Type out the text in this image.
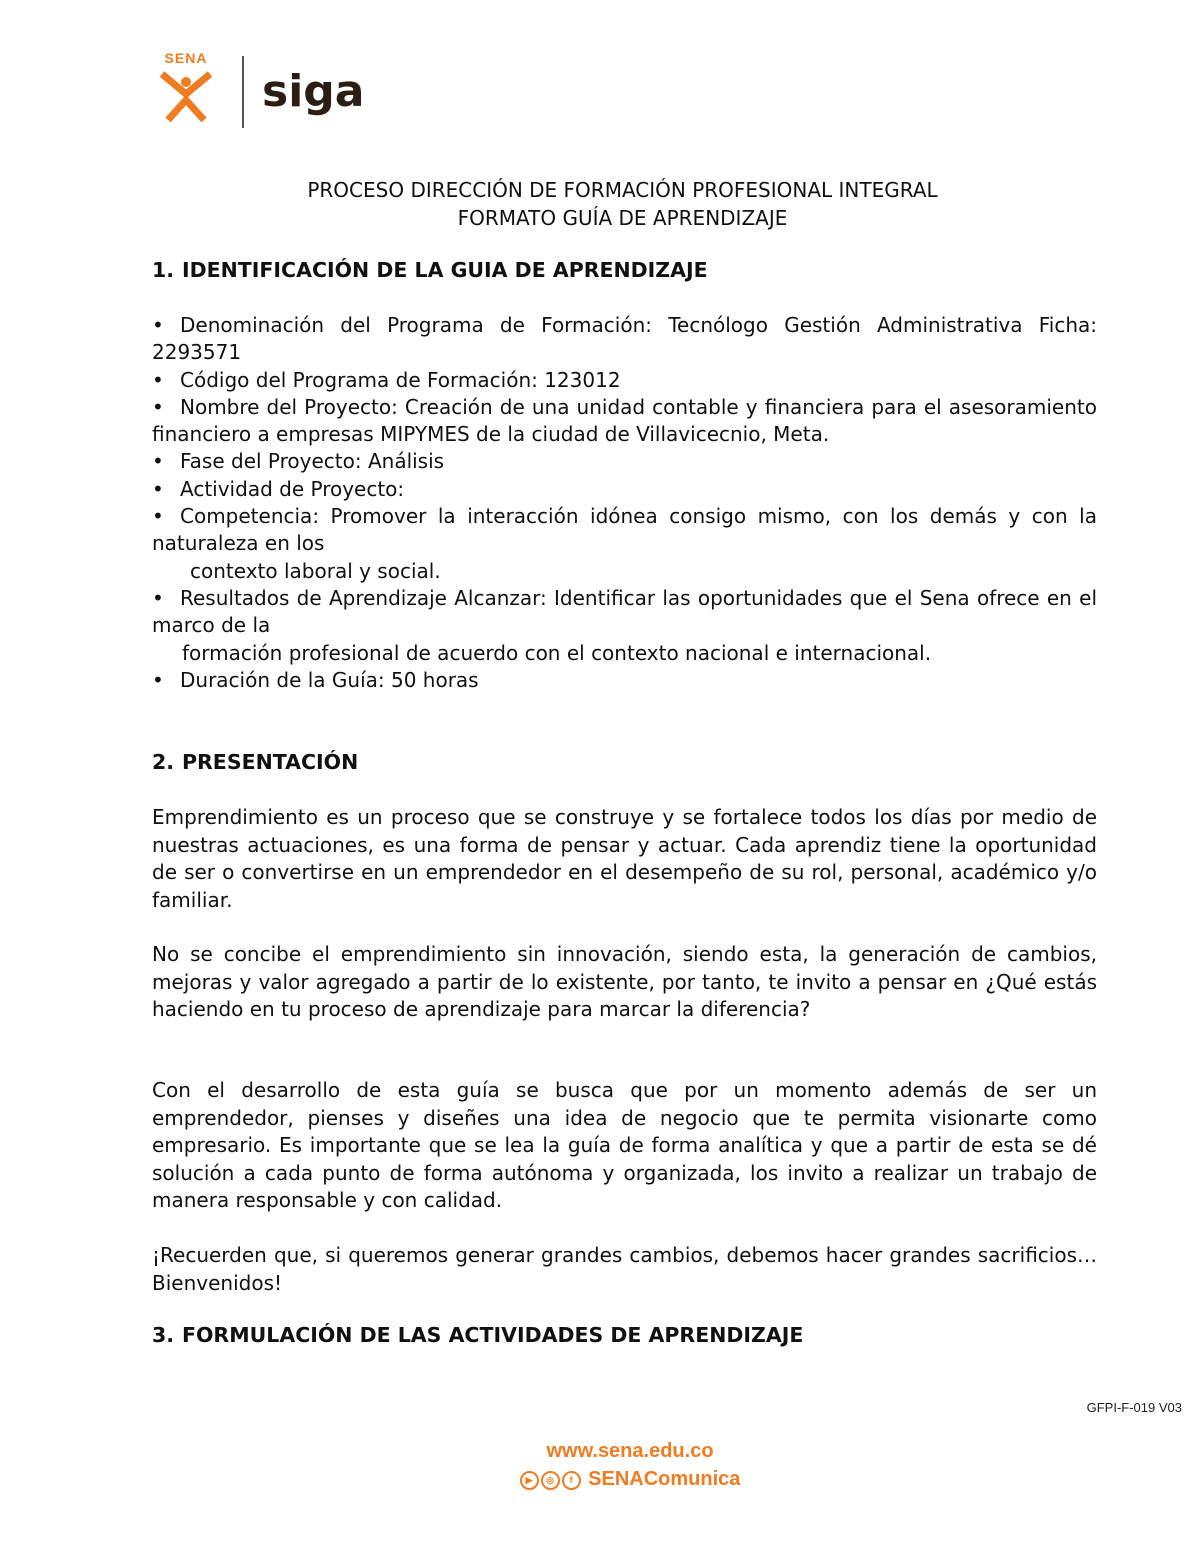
SENA
siga
PROCESO DIRECCIÓN DE FORMACIÓN PROFESIONAL INTEGRAL
FORMATO GUÍA DE APRENDIZAJE
1. IDENTIFICACIÓN DE LA GUIA DE APRENDIZAJE
• Denominación del Programa de Formación: Tecnólogo Gestión Administrativa Ficha: 2293571
• Código del Programa de Formación: 123012
• Nombre del Proyecto: Creación de una unidad contable y financiera para el asesoramiento financiero a empresas MIPYMES de la ciudad de Villavicecnio, Meta.
• Fase del Proyecto: Análisis
• Actividad de Proyecto:
• Competencia: Promover la interacción idónea consigo mismo, con los demás y con la naturaleza en los
contexto laboral y social.
• Resultados de Aprendizaje Alcanzar: Identificar las oportunidades que el Sena ofrece en el marco de la
formación profesional de acuerdo con el contexto nacional e internacional.
• Duración de la Guía: 50 horas
2. PRESENTACIÓN

Emprendimiento es un proceso que se construye y se fortalece todos los días por medio de nuestras actuaciones, es una forma de pensar y actuar. Cada aprendiz tiene la oportunidad de ser o convertirse en un emprendedor en el desempeño de su rol, personal, académico y/o familiar.

No se concibe el emprendimiento sin innovación, siendo esta, la generación de cambios, mejoras y valor agregado a partir de lo existente, por tanto, te invito a pensar en ¿Qué estás haciendo en tu proceso de aprendizaje para marcar la diferencia?

Con el desarrollo de esta guía se busca que por un momento además de ser un emprendedor, pienses y diseñes una idea de negocio que te permita visionarte como empresario. Es importante que se lea la guía de forma analítica y que a partir de esta se dé solución a cada punto de forma autónoma y organizada, los invito a realizar un trabajo de manera responsable y con calidad.

¡Recuerden que, si queremos generar grandes cambios, debemos hacer grandes sacrificios…Bienvenidos!

3. FORMULACIÓN DE LAS ACTIVIDADES DE APRENDIZAJE
GFPI-F-019 V03
www.sena.edu.co
▶ ◎ f SENAComunica
